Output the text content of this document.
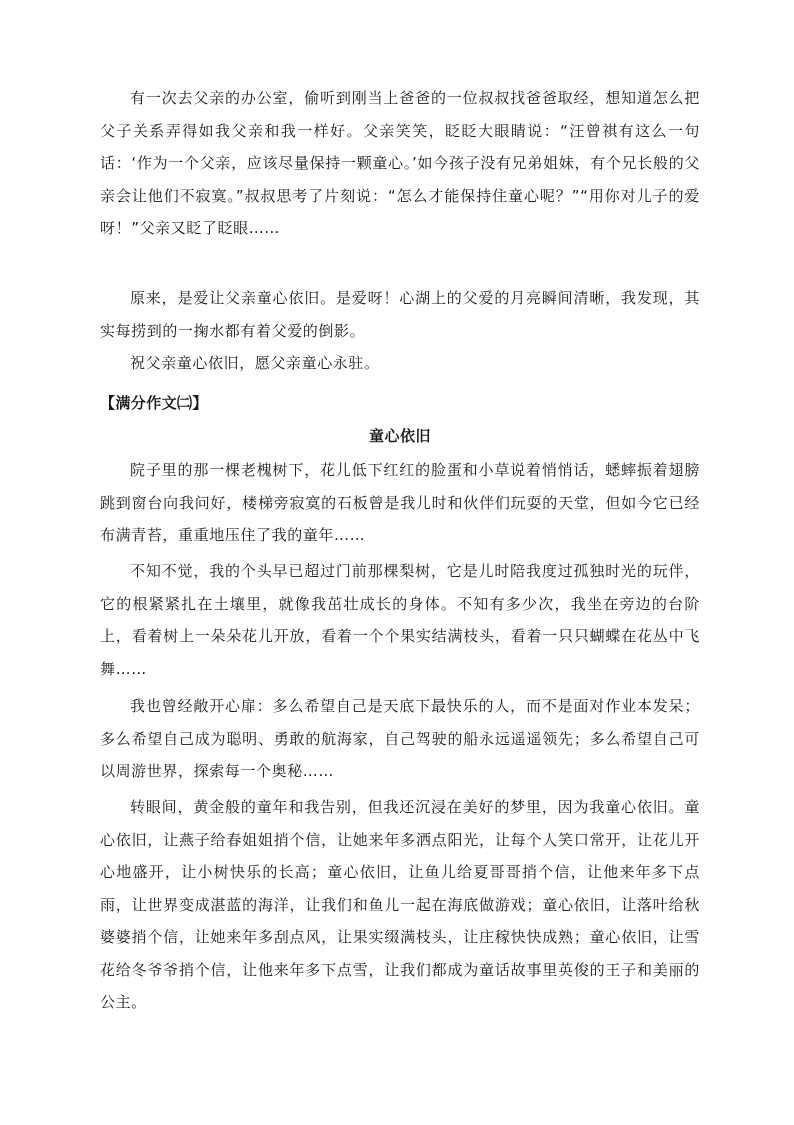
有一次去父亲的办公室，偷听到刚当上爸爸的一位叔叔找爸爸取经，想知道怎么把父子关系弄得如我父亲和我一样好。父亲笑笑，眨眨大眼睛说：“汪曾祺有这么一句话：‘作为一个父亲，应该尽量保持一颗童心。’如今孩子没有兄弟姐妹，有个兄长般的父亲会让他们不寂寞。”叔叔思考了片刻说：“怎么才能保持住童心呢？”“用你对儿子的爱呀！”父亲又眨了眨眼……

原来，是爱让父亲童心依旧。是爱呀！心湖上的父爱的月亮瞬间清晰，我发现，其实每捞到的一掬水都有着父爱的倒影。

祝父亲童心依旧，愿父亲童心永驻。

【满分作文㈡】

童心依旧

院子里的那一棵老槐树下，花儿低下红红的脸蛋和小草说着悄悄话，蟋蟀振着翅膀跳到窗台向我问好，楼梯旁寂寞的石板曾是我儿时和伙伴们玩耍的天堂，但如今它已经布满青苔，重重地压住了我的童年……

不知不觉，我的个头早已超过门前那棵梨树，它是儿时陪我度过孤独时光的玩伴，它的根紧紧扎在土壤里，就像我茁壮成长的身体。不知有多少次，我坐在旁边的台阶上，看着树上一朵朵花儿开放，看着一个个果实结满枝头，看着一只只蝴蝶在花丛中飞舞……

我也曾经敞开心扉：多么希望自己是天底下最快乐的人，而不是面对作业本发呆；多么希望自己成为聪明、勇敢的航海家，自己驾驶的船永远遥遥领先；多么希望自己可以周游世界，探索每一个奥秘……

转眼间，黄金般的童年和我告别，但我还沉浸在美好的梦里，因为我童心依旧。童心依旧，让燕子给春姐姐捎个信，让她来年多洒点阳光，让每个人笑口常开，让花儿开心地盛开，让小树快乐的长高；童心依旧，让鱼儿给夏哥哥捎个信，让他来年多下点雨，让世界变成湛蓝的海洋，让我们和鱼儿一起在海底做游戏；童心依旧，让落叶给秋婆婆捎个信，让她来年多刮点风，让果实缀满枝头，让庄稼快快成熟；童心依旧，让雪花给冬爷爷捎个信，让他来年多下点雪，让我们都成为童话故事里英俊的王子和美丽的公主。
